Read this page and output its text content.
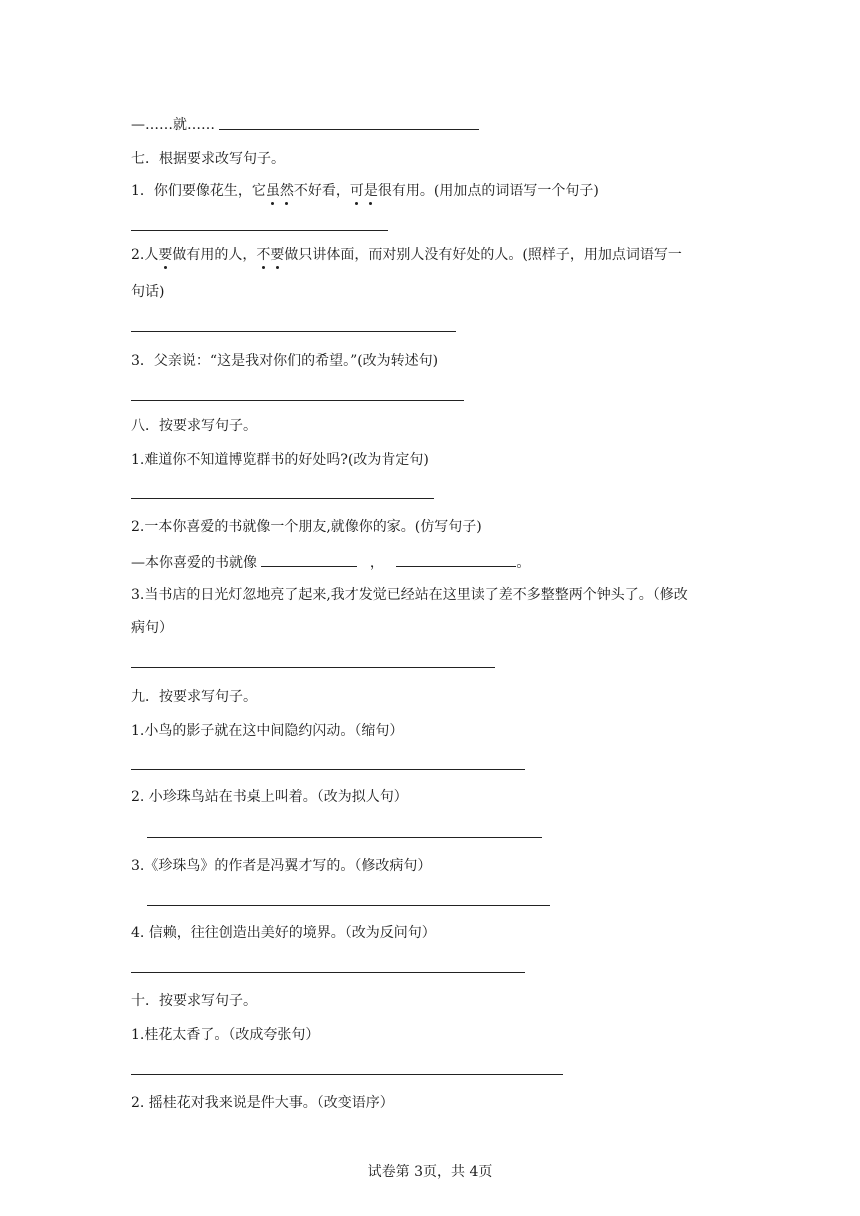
—……就……
七．根据要求改写句子。
1．你们要像花生，它虽然不好看，可是很有用。(用加点的词语写一个句子)
2.人要做有用的人，不要做只讲体面，而对别人没有好处的人。(照样子，用加点词语写一
句话)
3．父亲说：“这是我对你们的希望。”(改为转述句)
八．按要求写句子。
1.难道你不知道博览群书的好处吗?(改为肯定句)
2.一本你喜爱的书就像一个朋友,就像你的家。(仿写句子)
—本你喜爱的书就像	，	。
3.当书店的日光灯忽地亮了起来,我才发觉已经站在这里读了差不多整整两个钟头了。（修改
病句）
九．按要求写句子。
1.小鸟的影子就在这中间隐约闪动。（缩句）
2. 小珍珠鸟站在书桌上叫着。（改为拟人句）
3.《珍珠鸟》的作者是冯翼才写的。（修改病句）
4. 信赖，往往创造出美好的境界。（改为反问句）
十．按要求写句子。
1.桂花太香了。（改成夸张句）
2. 摇桂花对我来说是件大事。（改变语序）
试卷第 3页，共 4页
